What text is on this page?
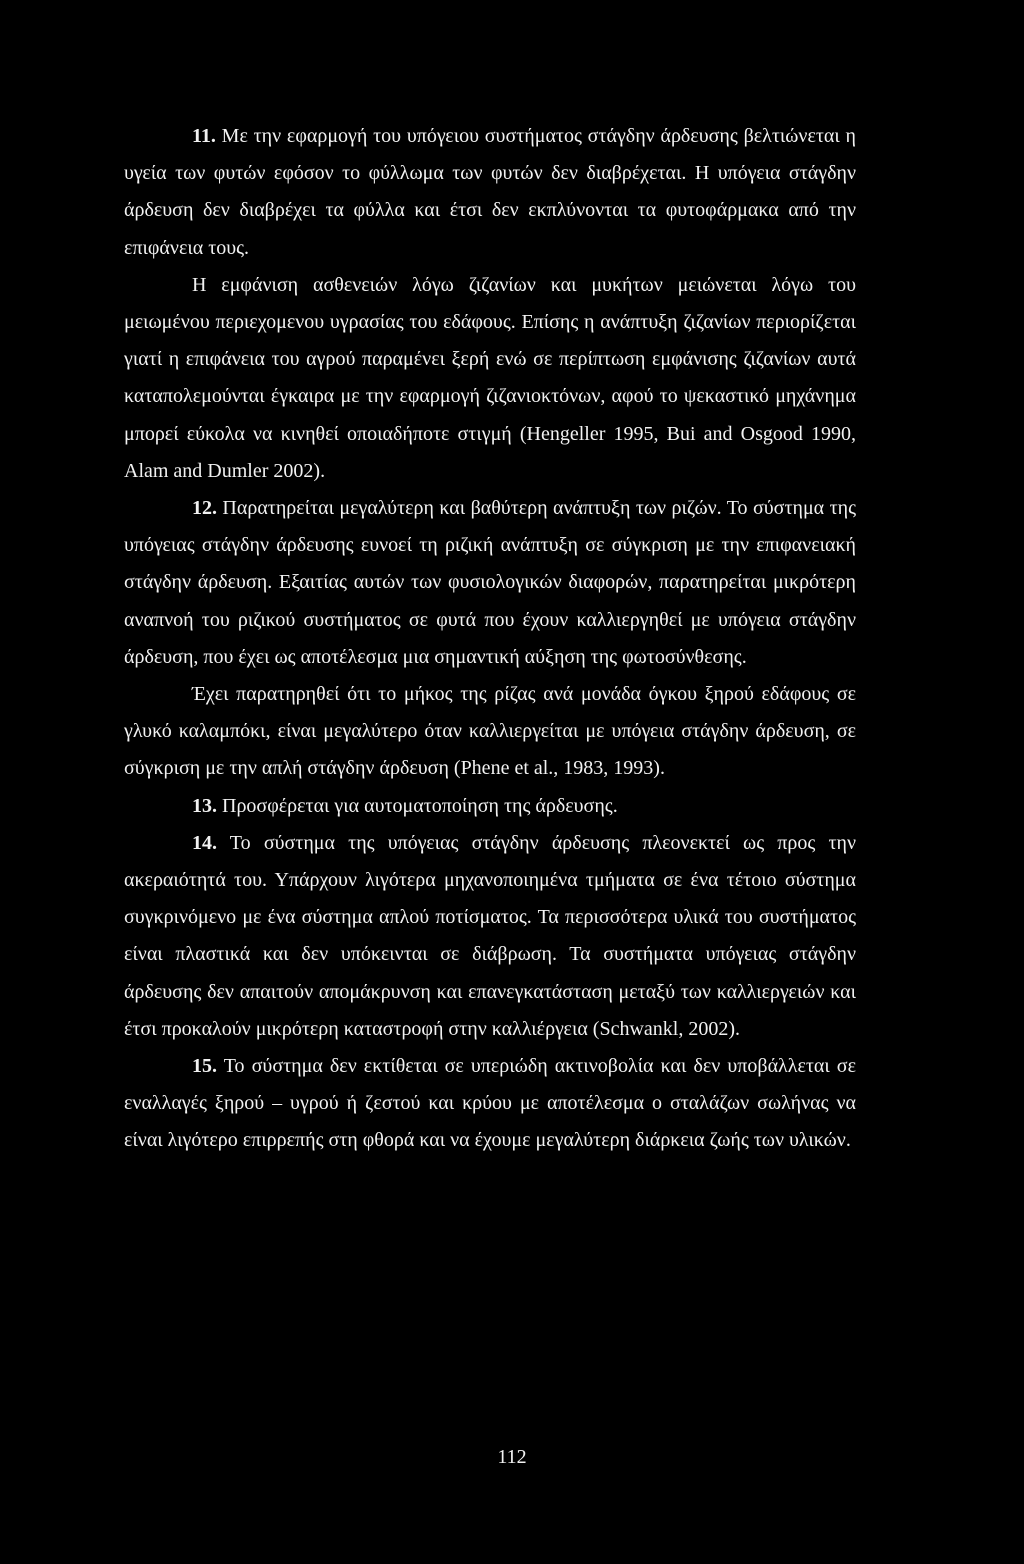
11. Με την εφαρμογή του υπόγειου συστήματος στάγδην άρδευσης βελτιώνεται η υγεία των φυτών εφόσον το φύλλωμα των φυτών δεν διαβρέχεται. Η υπόγεια στάγδην άρδευση δεν διαβρέχει τα φύλλα και έτσι δεν εκπλύνονται τα φυτοφάρμακα από την επιφάνεια τους.

Η εμφάνιση ασθενειών λόγω ζιζανίων και μυκήτων μειώνεται λόγω του μειωμένου περιεχομενου υγρασίας του εδάφους. Επίσης η ανάπτυξη ζιζανίων περιορίζεται γιατί η επιφάνεια του αγρού παραμένει ξερή ενώ σε περίπτωση εμφάνισης ζιζανίων αυτά καταπολεμούνται έγκαιρα με την εφαρμογή ζιζανιοκτόνων, αφού το ψεκαστικό μηχάνημα μπορεί εύκολα να κινηθεί οποιαδήποτε στιγμή (Hengeller 1995, Bui and Osgood 1990, Alam and Dumler 2002).

12. Παρατηρείται μεγαλύτερη και βαθύτερη ανάπτυξη των ριζών. Το σύστημα της υπόγειας στάγδην άρδευσης ευνοεί τη ριζική ανάπτυξη σε σύγκριση με την επιφανειακή στάγδην άρδευση. Εξαιτίας αυτών των φυσιολογικών διαφορών, παρατηρείται μικρότερη αναπνοή του ριζικού συστήματος σε φυτά που έχουν καλλιεργηθεί με υπόγεια στάγδην άρδευση, που έχει ως αποτέλεσμα μια σημαντική αύξηση της φωτοσύνθεσης.

Έχει παρατηρηθεί ότι το μήκος της ρίζας ανά μονάδα όγκου ξηρού εδάφους σε γλυκό καλαμπόκι, είναι μεγαλύτερο όταν καλλιεργείται με υπόγεια στάγδην άρδευση, σε σύγκριση με την απλή στάγδην άρδευση (Phene et al., 1983, 1993).

13. Προσφέρεται για αυτοματοποίηση της άρδευσης.

14. Το σύστημα της υπόγειας στάγδην άρδευσης πλεονεκτεί ως προς την ακεραιότητά του. Υπάρχουν λιγότερα μηχανοποιημένα τμήματα σε ένα τέτοιο σύστημα συγκρινόμενο με ένα σύστημα απλού ποτίσματος. Τα περισσότερα υλικά του συστήματος είναι πλαστικά και δεν υπόκεινται σε διάβρωση. Τα συστήματα υπόγειας στάγδην άρδευσης δεν απαιτούν απομάκρυνση και επανεγκατάσταση μεταξύ των καλλιεργειών και έτσι προκαλούν μικρότερη καταστροφή στην καλλιέργεια (Schwankl, 2002).

15. Το σύστημα δεν εκτίθεται σε υπεριώδη ακτινοβολία και δεν υποβάλλεται σε εναλλαγές ξηρού – υγρού ή ζεστού και κρύου με αποτέλεσμα ο σταλάζων σωλήνας να είναι λιγότερο επιρρεπής στη φθορά και να έχουμε μεγαλύτερη διάρκεια ζωής των υλικών.

112
